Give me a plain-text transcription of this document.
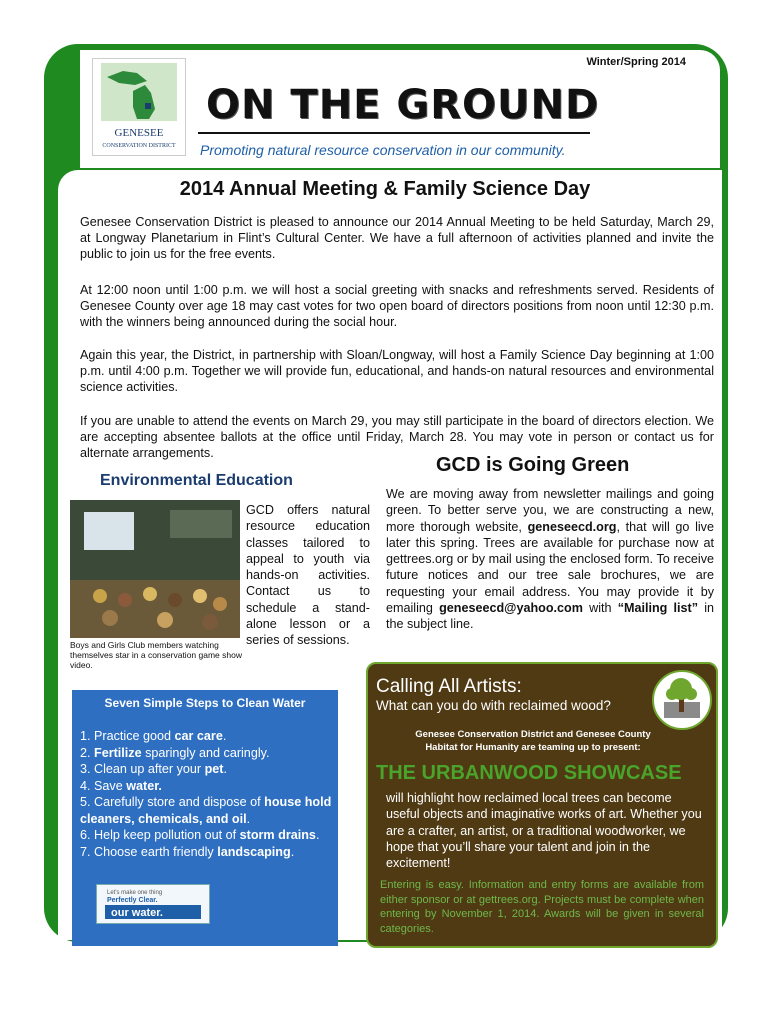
GENESEE
CONSERVATION DISTRICT
Winter/Spring 2014
ON THE GROUND
Promoting natural resource conservation in our community.
2014 Annual Meeting & Family Science Day

Genesee Conservation District is pleased to announce our 2014 Annual Meeting to be held Saturday, March 29, at Longway Planetarium in Flint’s Cultural Center. We have a full afternoon of activities planned and invite the public to join us for the free events.

At 12:00 noon until 1:00 p.m. we will host a social greeting with snacks and refreshments served. Residents of Genesee County over age 18 may cast votes for two open board of directors positions from noon until 12:30 p.m. with the winners being announced during the social hour.

Again this year, the District, in partnership with Sloan/Longway, will host a Family Science Day beginning at 1:00 p.m. until 4:00 p.m. Together we will provide fun, educational, and hands-on natural resources and environmental science activities.

If you are unable to attend the events on March 29, you may still participate in the board of directors election. We are accepting absentee ballots at the office until Friday, March 28. You may vote in person or contact us for alternate arrangements.

Environmental Education
Boys and Girls Club members watching themselves star in a conservation game show video.

GCD offers natural resource education classes tailored to appeal to youth via hands-on activities. Contact us to schedule a stand-alone lesson or a series of sessions.

GCD is Going Green

We are moving away from newsletter mailings and going green. To better serve you, we are constructing a new, more thorough website, geneseecd.org, that will go live later this spring. Trees are available for purchase now at gettrees.org or by mail using the enclosed form. To receive future notices and our tree sale brochures, we are requesting your email address. You may provide it by emailing geneseecd@yahoo.com with “Mailing list” in the subject line.

Seven Simple Steps to Clean Water
1. Practice good car care.
2. Fertilize sparingly and caringly.
3. Clean up after your pet.
4. Save water.
5. Carefully store and dispose of house hold cleaners, chemicals, and oil.
6. Help keep pollution out of storm drains.
7. Choose earth friendly landscaping.
Let's make one thing
Perfectly Clear.
our water.
Calling All Artists:
What can you do with reclaimed wood?
Genesee Conservation District and Genesee County Habitat for Humanity are teaming up to present:
THE URBANWOOD SHOWCASE
will highlight how reclaimed local trees can become useful objects and imaginative works of art. Whether you are a crafter, an artist, or a traditional woodworker, we hope that you’ll share your talent and join in the excitement!
Entering is easy. Information and entry forms are available from either sponsor or at gettrees.org. Projects must be complete when entering by November 1, 2014. Awards will be given in several categories.
